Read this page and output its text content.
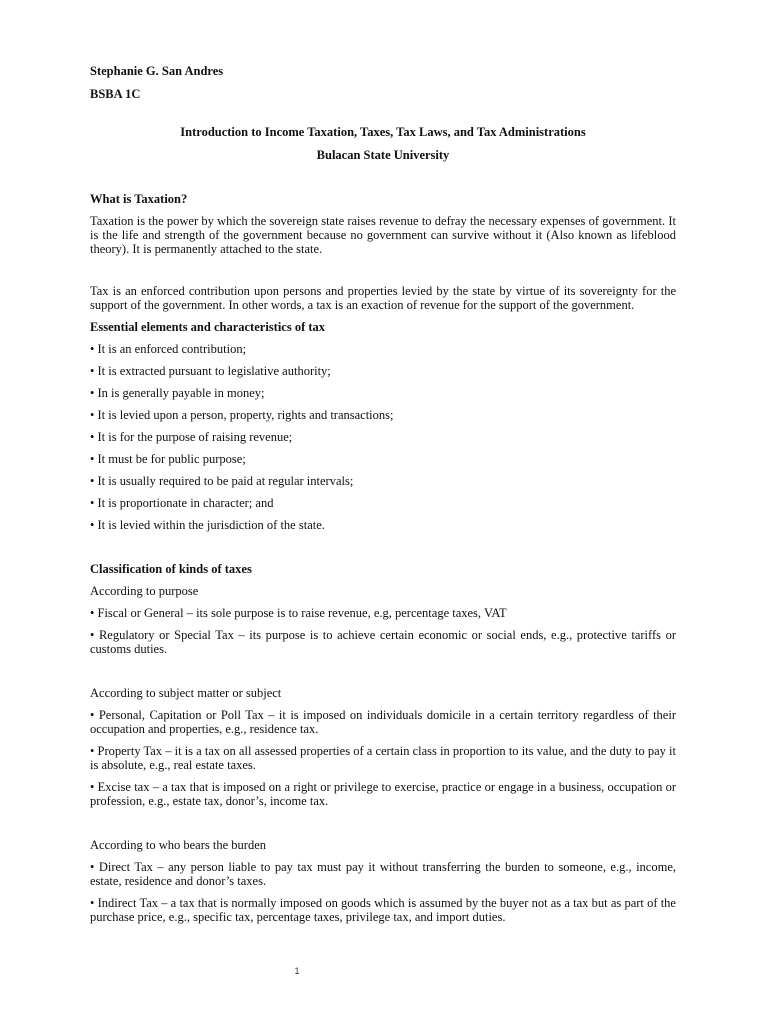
Stephanie G. San Andres

BSBA 1C

Introduction to Income Taxation, Taxes, Tax Laws, and Tax Administrations

Bulacan State University

What is Taxation?

Taxation is the power by which the sovereign state raises revenue to defray the necessary expenses of government. It is the life and strength of the government because no government can survive without it (Also known as lifeblood theory). It is permanently attached to the state.

Tax is an enforced contribution upon persons and properties levied by the state by virtue of its sovereignty for the support of the government. In other words, a tax is an exaction of revenue for the support of the government.

Essential elements and characteristics of tax

• It is an enforced contribution;

• It is extracted pursuant to legislative authority;

• In is generally payable in money;

• It is levied upon a person, property, rights and transactions;

• It is for the purpose of raising revenue;

• It must be for public purpose;

• It is usually required to be paid at regular intervals;

• It is proportionate in character; and

• It is levied within the jurisdiction of the state.

Classification of kinds of taxes

According to purpose

• Fiscal or General – its sole purpose is to raise revenue, e.g, percentage taxes, VAT

• Regulatory or Special Tax – its purpose is to achieve certain economic or social ends, e.g., protective tariffs or customs duties.

According to subject matter or subject

• Personal, Capitation or Poll Tax – it is imposed on individuals domicile in a certain territory regardless of their occupation and properties, e.g., residence tax.

• Property Tax – it is a tax on all assessed properties of a certain class in proportion to its value, and the duty to pay it is absolute, e.g., real estate taxes.

• Excise tax – a tax that is imposed on a right or privilege to exercise, practice or engage in a business, occupation or profession, e.g., estate tax, donor’s, income tax.

According to who bears the burden

• Direct Tax – any person liable to pay tax must pay it without transferring the burden to someone, e.g., income, estate, residence and donor’s taxes.

• Indirect Tax – a tax that is normally imposed on goods which is assumed by the buyer not as a tax but as part of the purchase price, e.g., specific tax, percentage taxes, privilege tax, and import duties.

1
